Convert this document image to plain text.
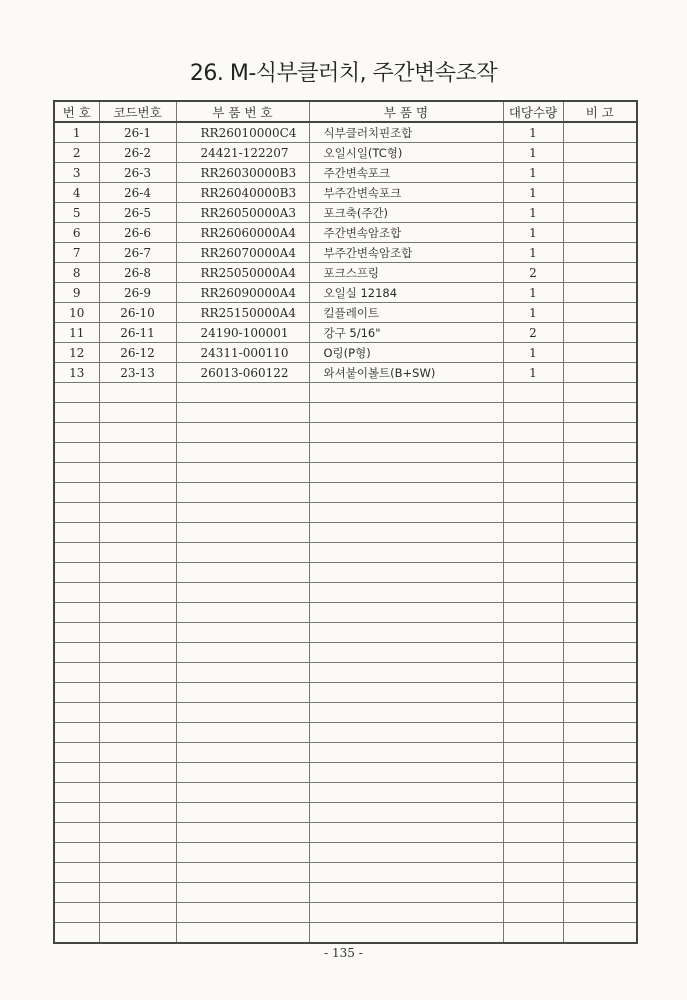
26. M-식부클러치, 주간변속조작
번 호	코드번호	부 품 번 호	부 품 명	대당수량	비 고
1	26-1	RR26010000C4	식부클러치핀조합	1	
2	26-2	24421-122207	오일시일(TC형)	1	
3	26-3	RR26030000B3	주간변속포크	1	
4	26-4	RR26040000B3	부주간변속포크	1	
5	26-5	RR26050000A3	포크축(주간)	1	
6	26-6	RR26060000A4	주간변속암조합	1	
7	26-7	RR26070000A4	부주간변속암조합	1	
8	26-8	RR25050000A4	포크스프링	2	
9	26-9	RR26090000A4	오일실 12184	1	
10	26-10	RR25150000A4	킬플레이트	1	
11	26-11	24190-100001	강구 5/16"	2	
12	26-12	24311-000110	O링(P형)	1	
13	23-13	26013-060122	와셔붙이볼트(B+SW)	1	

- 135 -
